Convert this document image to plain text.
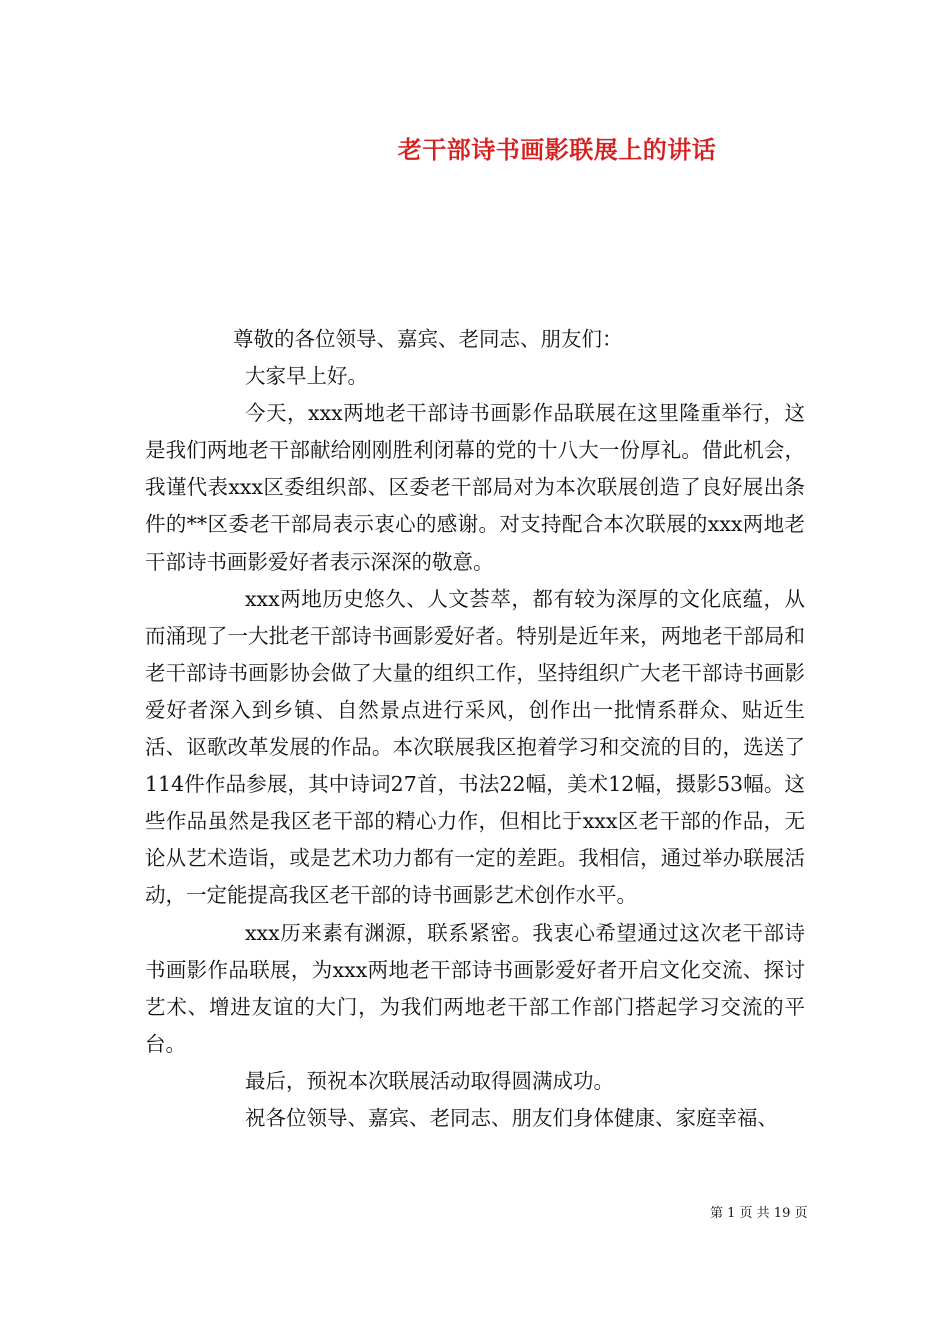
老干部诗书画影联展上的讲话

尊敬的各位领导、嘉宾、老同志、朋友们：

大家早上好。

今天，xxx两地老干部诗书画影作品联展在这里隆重举行，这是我们两地老干部献给刚刚胜利闭幕的党的十八大一份厚礼。借此机会，我谨代表xxx区委组织部、区委老干部局对为本次联展创造了良好展出条件的**区委老干部局表示衷心的感谢。对支持配合本次联展的xxx两地老干部诗书画影爱好者表示深深的敬意。

xxx两地历史悠久、人文荟萃，都有较为深厚的文化底蕴，从而涌现了一大批老干部诗书画影爱好者。特别是近年来，两地老干部局和老干部诗书画影协会做了大量的组织工作，坚持组织广大老干部诗书画影爱好者深入到乡镇、自然景点进行采风，创作出一批情系群众、贴近生活、讴歌改革发展的作品。本次联展我区抱着学习和交流的目的，选送了114件作品参展，其中诗词27首，书法22幅，美术12幅，摄影53幅。这些作品虽然是我区老干部的精心力作，但相比于xxx区老干部的作品，无论从艺术造诣，或是艺术功力都有一定的差距。我相信，通过举办联展活动，一定能提高我区老干部的诗书画影艺术创作水平。

xxx历来素有渊源，联系紧密。我衷心希望通过这次老干部诗书画影作品联展，为xxx两地老干部诗书画影爱好者开启文化交流、探讨艺术、增进友谊的大门，为我们两地老干部工作部门搭起学习交流的平台。

最后，预祝本次联展活动取得圆满成功。

祝各位领导、嘉宾、老同志、朋友们身体健康、家庭幸福、

第 1 页 共 19 页
